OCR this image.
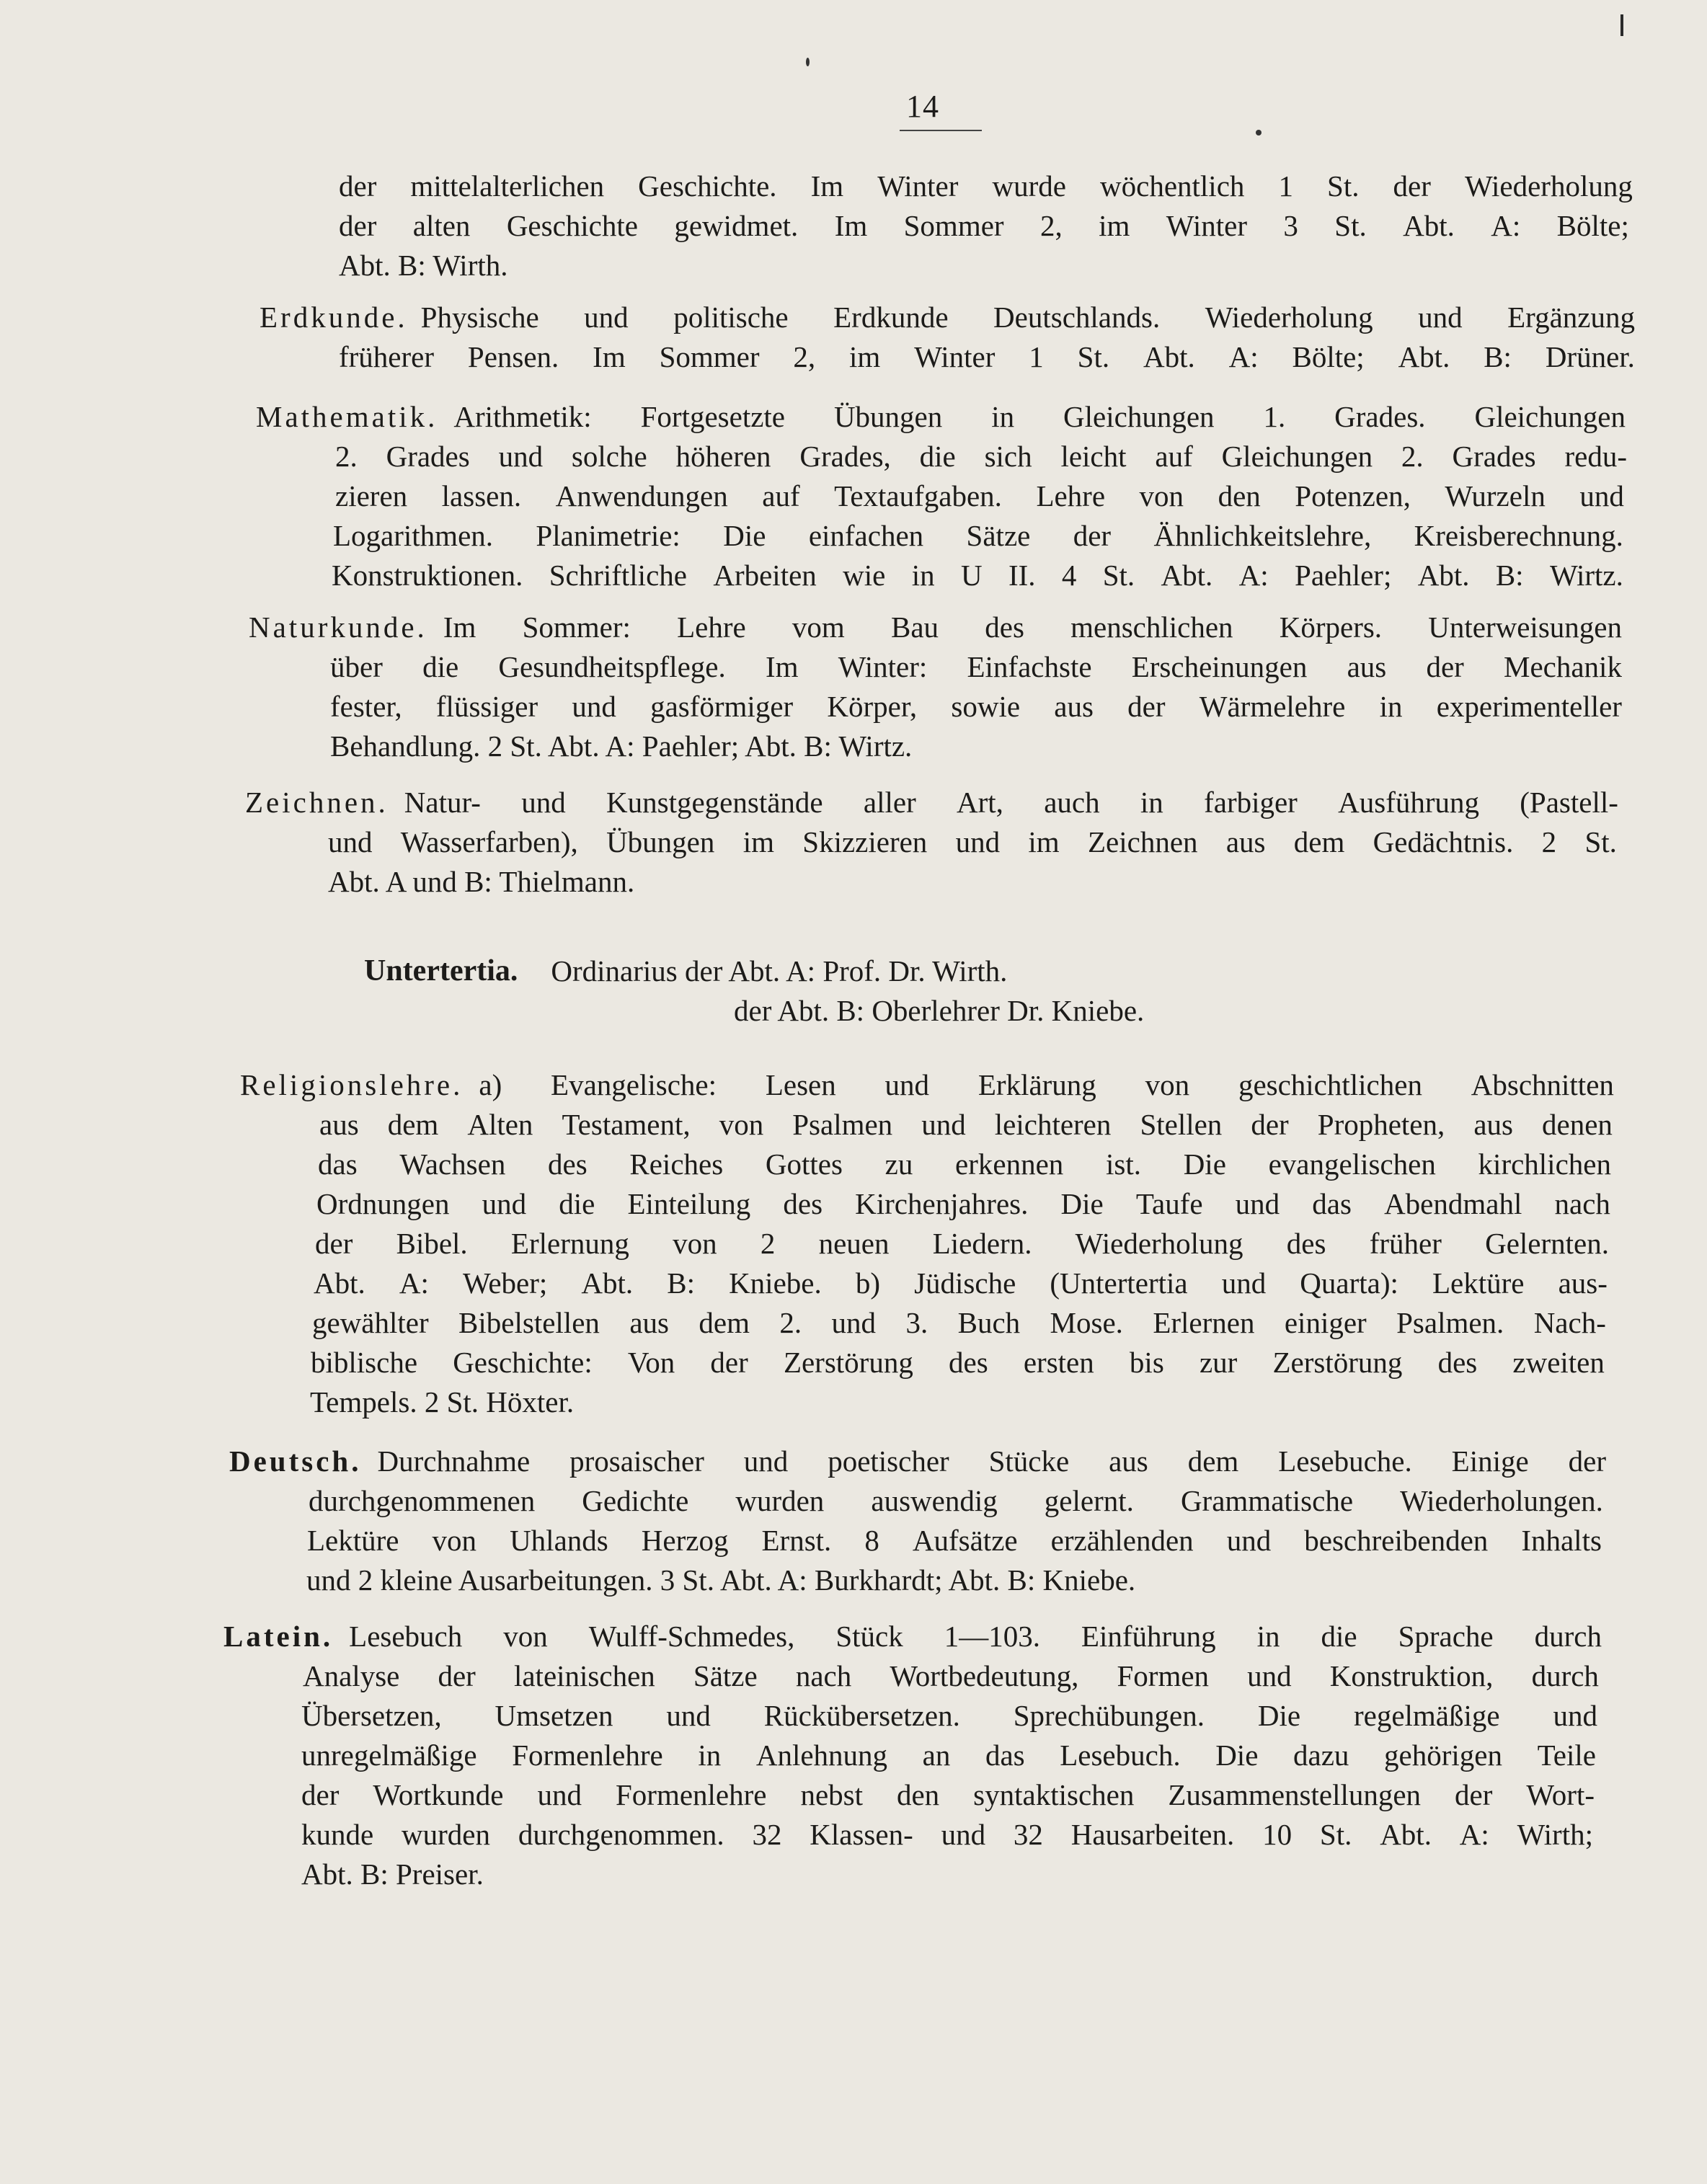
14
der mittelalterlichen Geschichte. Im Winter wurde wöchentlich 1 St. der Wiederholung
der alten Geschichte gewidmet. Im Sommer 2, im Winter 3 St. Abt. A: Bölte;
Abt. B: Wirth.
Erdkunde. Physische und politische Erdkunde Deutschlands. Wiederholung und Ergänzung
früherer Pensen. Im Sommer 2, im Winter 1 St. Abt. A: Bölte; Abt. B: Drüner.
Mathematik. Arithmetik: Fortgesetzte Übungen in Gleichungen 1. Grades. Gleichungen
2. Grades und solche höheren Grades, die sich leicht auf Gleichungen 2. Grades redu-
zieren lassen. Anwendungen auf Textaufgaben. Lehre von den Potenzen, Wurzeln und
Logarithmen. Planimetrie: Die einfachen Sätze der Ähnlichkeitslehre, Kreisberechnung.
Konstruktionen. Schriftliche Arbeiten wie in U II. 4 St. Abt. A: Paehler; Abt. B: Wirtz.
Naturkunde. Im Sommer: Lehre vom Bau des menschlichen Körpers. Unterweisungen
über die Gesundheitspflege. Im Winter: Einfachste Erscheinungen aus der Mechanik
fester, flüssiger und gasförmiger Körper, sowie aus der Wärmelehre in experimenteller
Behandlung. 2 St. Abt. A: Paehler; Abt. B: Wirtz.
Zeichnen. Natur- und Kunstgegenstände aller Art, auch in farbiger Ausführung (Pastell-
und Wasserfarben), Übungen im Skizzieren und im Zeichnen aus dem Gedächtnis. 2 St.
Abt. A und B: Thielmann.
Untertertia. Ordinarius der Abt. A: Prof. Dr. Wirth.
der Abt. B: Oberlehrer Dr. Kniebe.
Religionslehre. a) Evangelische: Lesen und Erklärung von geschichtlichen Abschnitten
aus dem Alten Testament, von Psalmen und leichteren Stellen der Propheten, aus denen
das Wachsen des Reiches Gottes zu erkennen ist. Die evangelischen kirchlichen
Ordnungen und die Einteilung des Kirchenjahres. Die Taufe und das Abendmahl nach
der Bibel. Erlernung von 2 neuen Liedern. Wiederholung des früher Gelernten.
Abt. A: Weber; Abt. B: Kniebe. b) Jüdische (Untertertia und Quarta): Lektüre aus-
gewählter Bibelstellen aus dem 2. und 3. Buch Mose. Erlernen einiger Psalmen. Nach-
biblische Geschichte: Von der Zerstörung des ersten bis zur Zerstörung des zweiten
Tempels. 2 St. Höxter.
Deutsch. Durchnahme prosaischer und poetischer Stücke aus dem Lesebuche. Einige der
durchgenommenen Gedichte wurden auswendig gelernt. Grammatische Wiederholungen.
Lektüre von Uhlands Herzog Ernst. 8 Aufsätze erzählenden und beschreibenden Inhalts
und 2 kleine Ausarbeitungen. 3 St. Abt. A: Burkhardt; Abt. B: Kniebe.
Latein. Lesebuch von Wulff-Schmedes, Stück 1—103. Einführung in die Sprache durch
Analyse der lateinischen Sätze nach Wortbedeutung, Formen und Konstruktion, durch
Übersetzen, Umsetzen und Rückübersetzen. Sprechübungen. Die regelmäßige und
unregelmäßige Formenlehre in Anlehnung an das Lesebuch. Die dazu gehörigen Teile
der Wortkunde und Formenlehre nebst den syntaktischen Zusammenstellungen der Wort-
kunde wurden durchgenommen. 32 Klassen- und 32 Hausarbeiten. 10 St. Abt. A: Wirth;
Abt. B: Preiser.
